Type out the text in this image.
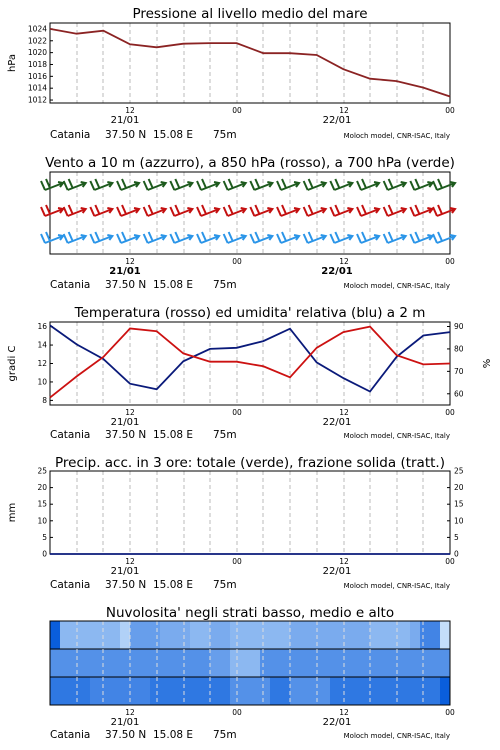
Pressione al livello medio del mare
1012
1014
1016
1018
1020
1022
1024
hPa
12	00	12	00
21/01	22/01
Catania 37.50 N 15.08 E 75m	Moloch model, CNR-ISAC, Italy
Vento a 10 m (azzurro), a 850 hPa (rosso), a 700 hPa (verde)
12	00	12	00
21/01	22/01
Catania 37.50 N 15.08 E 75m	Moloch model, CNR-ISAC, Italy
Temperatura (rosso) ed umidita' relativa (blu) a 2 m
8
10
12
14
16
60
70
80
90
gradi C	%
12	00	12	00
21/01	22/01
Catania 37.50 N 15.08 E 75m	Moloch model, CNR-ISAC, Italy
Precip. acc. in 3 ore: totale (verde), frazione solida (tratt.)
0
5
10
15
20
25
0
5
10
15
20
25
mm
12	00	12	00
21/01	22/01
Catania 37.50 N 15.08 E 75m	Moloch model, CNR-ISAC, Italy
Nuvolosita' negli strati basso, medio e alto
12	00	12	00
21/01	22/01
Catania 37.50 N 15.08 E 75m	Moloch model, CNR-ISAC, Italy
